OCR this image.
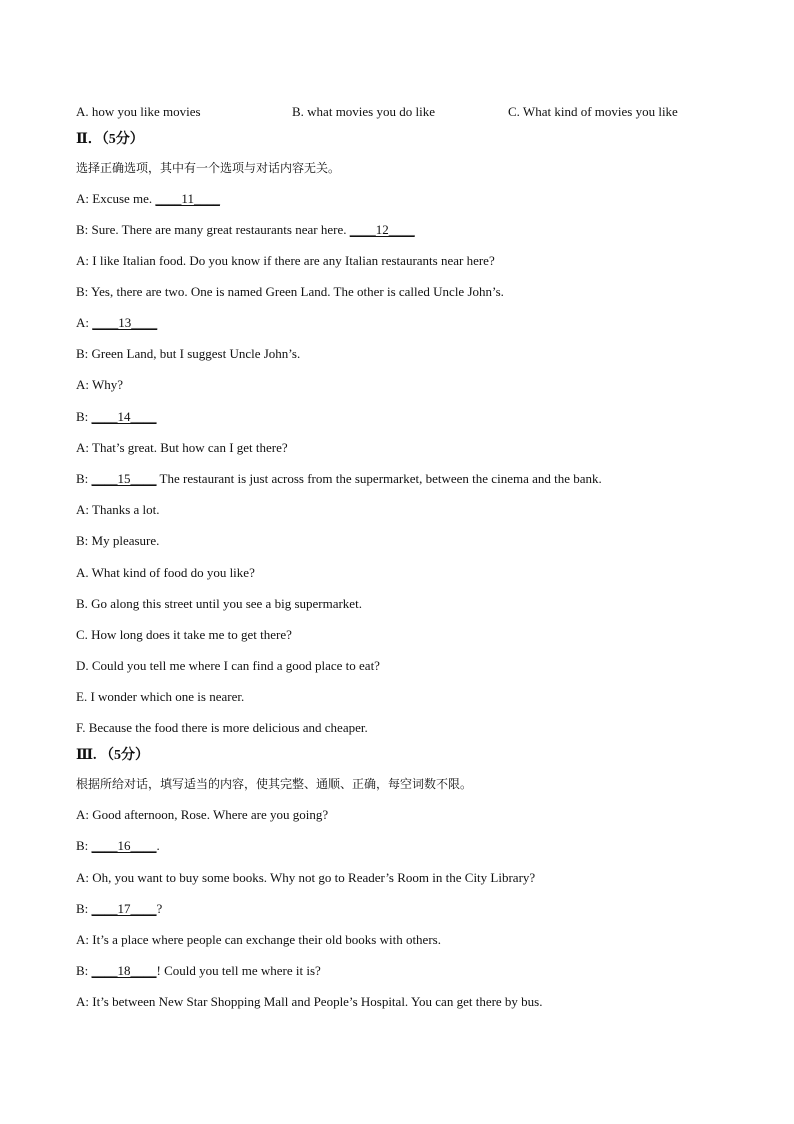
A. how you like movies	B. what movies you do like	C. What kind of movies you like
Ⅱ．（5分）
选择正确选项，其中有一个选项与对话内容无关。
A: Excuse me. ____11____
B: Sure. There are many great restaurants near here. ____12____
A: I like Italian food. Do you know if there are any Italian restaurants near here?
B: Yes, there are two. One is named Green Land. The other is called Uncle John’s.
A: ____13____
B: Green Land, but I suggest Uncle John’s.
A: Why?
B: ____14____
A: That’s great. But how can I get there?
B: ____15____ The restaurant is just across from the supermarket, between the cinema and the bank.
A: Thanks a lot.
B: My pleasure.
A. What kind of food do you like?
B. Go along this street until you see a big supermarket.
C. How long does it take me to get there?
D. Could you tell me where I can find a good place to eat?
E. I wonder which one is nearer.
F. Because the food there is more delicious and cheaper.
Ⅲ. （5分）
根据所给对话，填写适当的内容，使其完整、通顺、正确，每空词数不限。
A: Good afternoon, Rose. Where are you going?
B: ____16____.
A: Oh, you want to buy some books. Why not go to Reader’s Room in the City Library?
B: ____17____?
A: It’s a place where people can exchange their old books with others.
B: ____18____! Could you tell me where it is?
A: It’s between New Star Shopping Mall and People’s Hospital. You can get there by bus.
